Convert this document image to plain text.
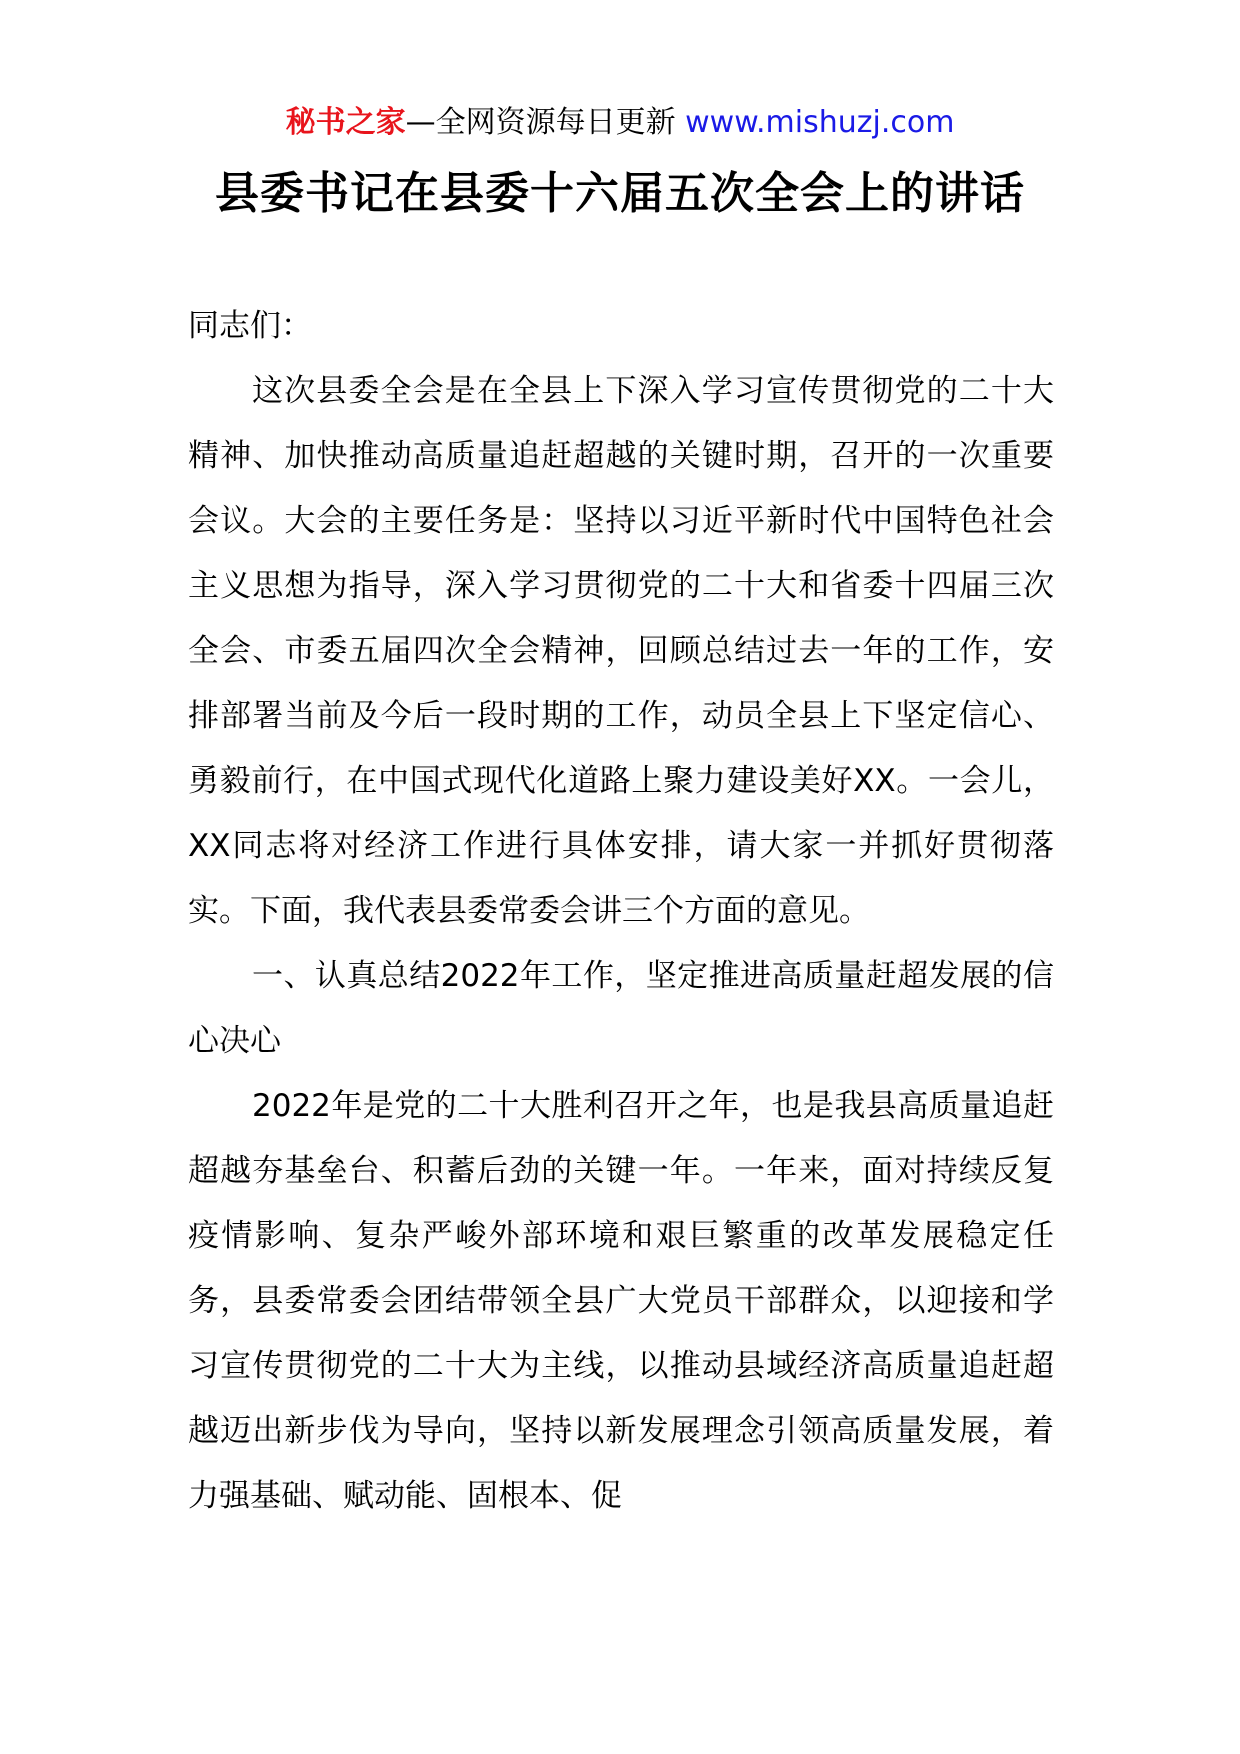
秘书之家—全网资源每日更新 www.mishuzj.com
县委书记在县委十六届五次全会上的讲话

同志们：

这次县委全会是在全县上下深入学习宣传贯彻党的二十大精神、加快推动高质量追赶超越的关键时期，召开的一次重要会议。大会的主要任务是：坚持以习近平新时代中国特色社会主义思想为指导，深入学习贯彻党的二十大和省委十四届三次全会、市委五届四次全会精神，回顾总结过去一年的工作，安排部署当前及今后一段时期的工作，动员全县上下坚定信心、勇毅前行，在中国式现代化道路上聚力建设美好XX。一会儿，XX同志将对经济工作进行具体安排，请大家一并抓好贯彻落实。下面，我代表县委常委会讲三个方面的意见。

一、认真总结2022年工作，坚定推进高质量赶超发展的信心决心

2022年是党的二十大胜利召开之年，也是我县高质量追赶超越夯基垒台、积蓄后劲的关键一年。一年来，面对持续反复疫情影响、复杂严峻外部环境和艰巨繁重的改革发展稳定任务，县委常委会团结带领全县广大党员干部群众，以迎接和学习宣传贯彻党的二十大为主线，以推动县域经济高质量追赶超越迈出新步伐为导向，坚持以新发展理念引领高质量发展，着力强基础、赋动能、固根本、促
